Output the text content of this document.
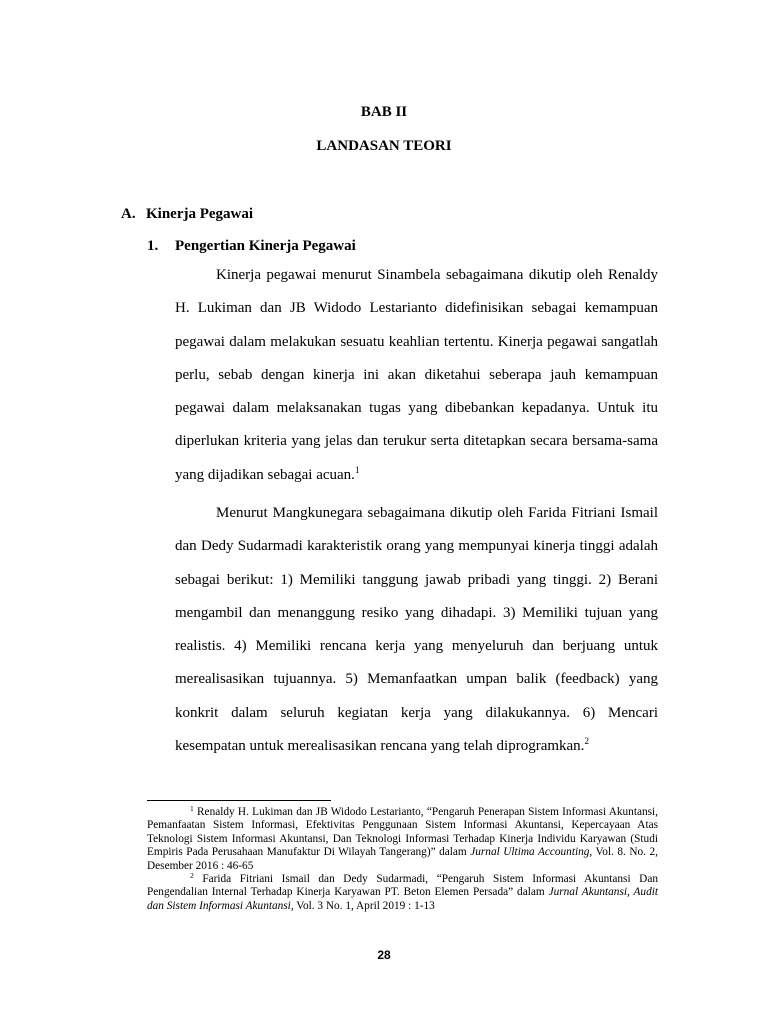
BAB II
LANDASAN TEORI
A. Kinerja Pegawai
1. Pengertian Kinerja Pegawai

Kinerja pegawai menurut Sinambela sebagaimana dikutip oleh Renaldy H. Lukiman dan JB Widodo Lestarianto didefinisikan sebagai kemampuan pegawai dalam melakukan sesuatu keahlian tertentu. Kinerja pegawai sangatlah perlu, sebab dengan kinerja ini akan diketahui seberapa jauh kemampuan pegawai dalam melaksanakan tugas yang dibebankan kepadanya. Untuk itu diperlukan kriteria yang jelas dan terukur serta ditetapkan secara bersama-sama yang dijadikan sebagai acuan.$^1$

Menurut Mangkunegara sebagaimana dikutip oleh Farida Fitriani Ismail dan Dedy Sudarmadi karakteristik orang yang mempunyai kinerja tinggi adalah sebagai berikut: 1) Memiliki tanggung jawab pribadi yang tinggi. 2) Berani mengambil dan menanggung resiko yang dihadapi. 3) Memiliki tujuan yang realistis. 4) Memiliki rencana kerja yang menyeluruh dan berjuang untuk merealisasikan tujuannya. 5) Memanfaatkan umpan balik (feedback) yang konkrit dalam seluruh kegiatan kerja yang dilakukannya. 6) Mencari kesempatan untuk merealisasikan rencana yang telah diprogramkan.$^2$

$^1$ Renaldy H. Lukiman dan JB Widodo Lestarianto, “Pengaruh Penerapan Sistem Informasi Akuntansi, Pemanfaatan Sistem Informasi, Efektivitas Penggunaan Sistem Informasi Akuntansi, Kepercayaan Atas Teknologi Sistem Informasi Akuntansi, Dan Teknologi Informasi Terhadap Kinerja Individu Karyawan (Studi Empiris Pada Perusahaan Manufaktur Di Wilayah Tangerang)” dalam Jurnal Ultima Accounting, Vol. 8. No. 2, Desember 2016 : 46-65

$^2$ Farida Fitriani Ismail dan Dedy Sudarmadi, “Pengaruh Sistem Informasi Akuntansi Dan Pengendalian Internal Terhadap Kinerja Karyawan PT. Beton Elemen Persada” dalam Jurnal Akuntansi, Audit dan Sistem Informasi Akuntansi, Vol. 3 No. 1, April 2019 : 1-13

28
